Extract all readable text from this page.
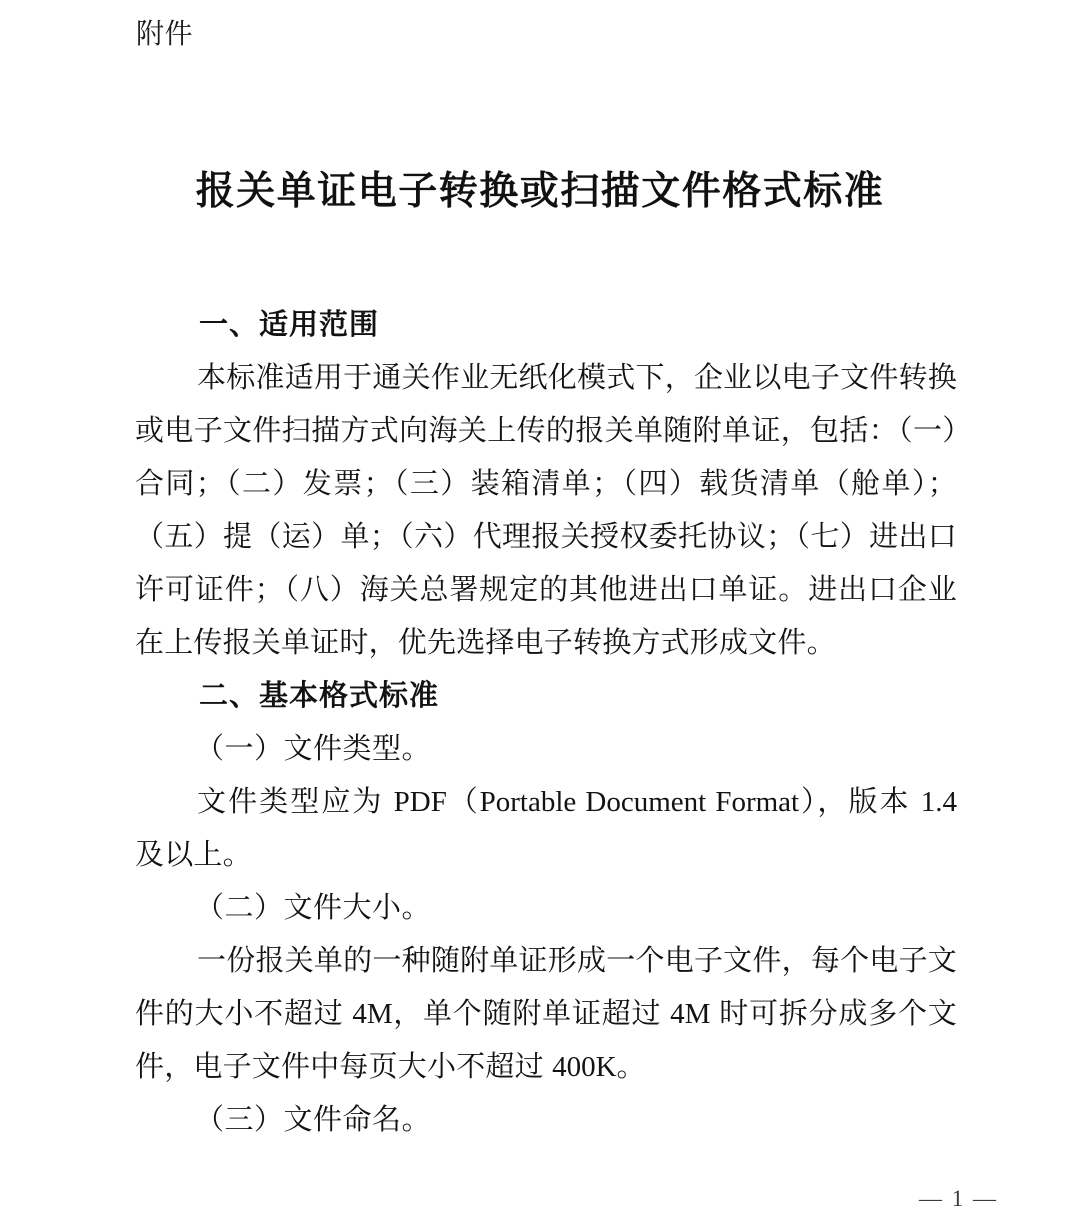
附件
报关单证电子转换或扫描文件格式标准
一、适用范围

本标准适用于通关作业无纸化模式下，企业以电子文件转换或电子文件扫描方式向海关上传的报关单随附单证，包括：（一）合同；（二）发票；（三）装箱清单；（四）载货清单（舱单）；（五）提（运）单；（六）代理报关授权委托协议；（七）进出口许可证件；（八）海关总署规定的其他进出口单证。进出口企业在上传报关单证时，优先选择电子转换方式形成文件。

二、基本格式标准
（一）文件类型。

文件类型应为 PDF（Portable Document Format），版本 1.4 及以上。

（二）文件大小。

一份报关单的一种随附单证形成一个电子文件，每个电子文件的大小不超过 4M，单个随附单证超过 4M 时可拆分成多个文件，电子文件中每页大小不超过 400K。

（三）文件命名。
— 1 —
